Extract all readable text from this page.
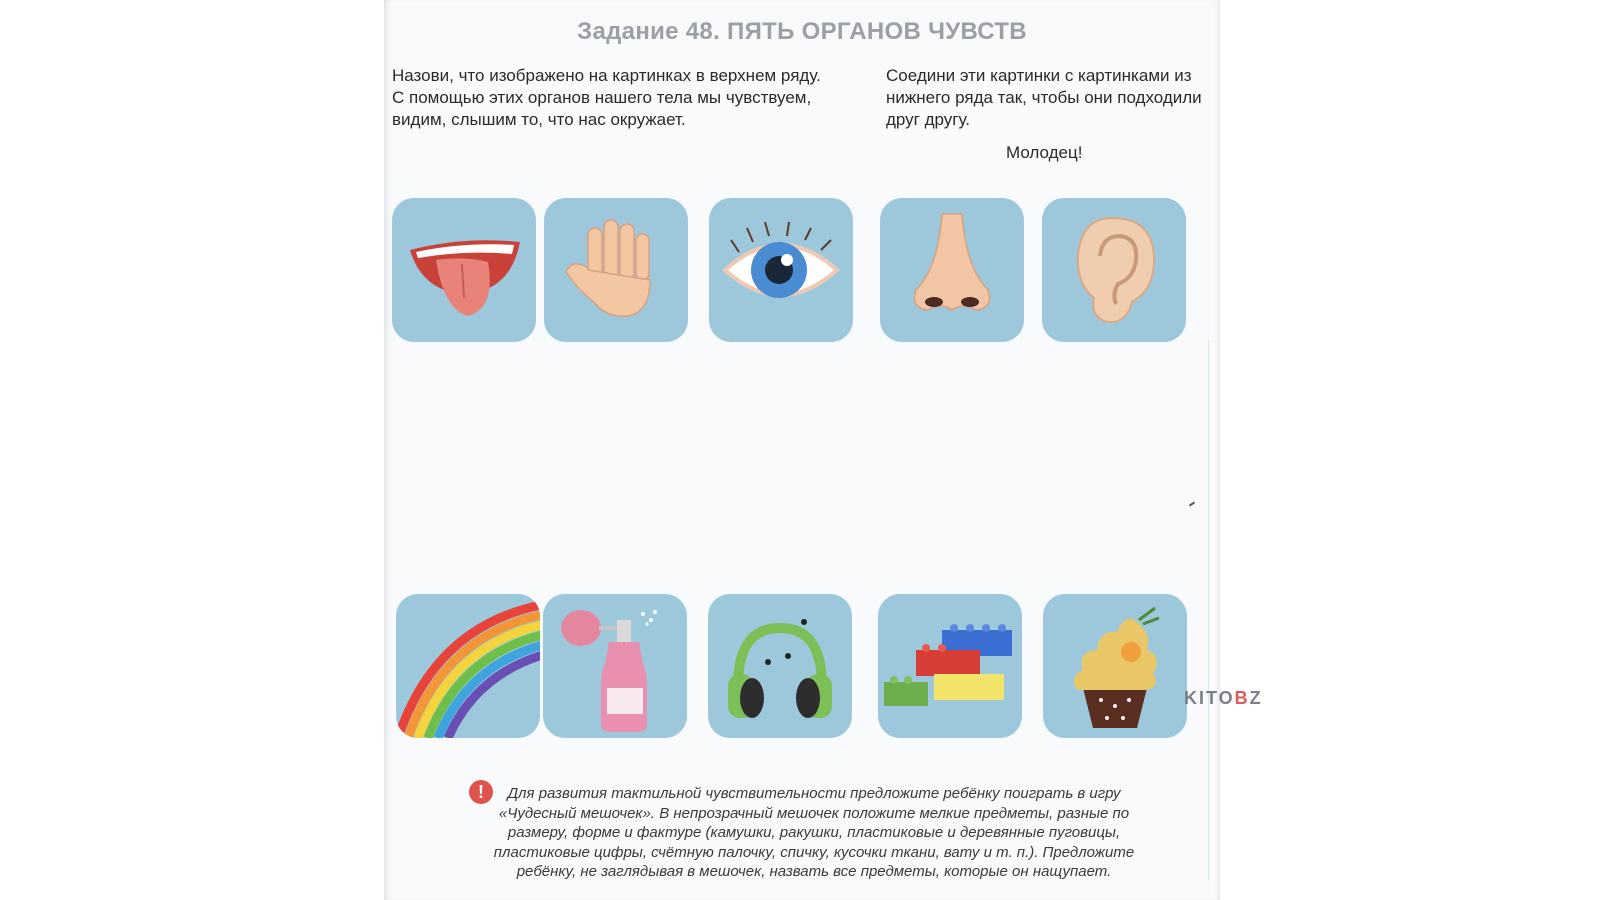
Задание 48. ПЯТЬ ОРГАНОВ ЧУВСТВ
Назови, что изображено на картинках в верхнем ряду. С помощью этих органов нашего тела мы чувствуем, видим, слышим то, что нас окружает.
Соедини эти картинки с картинками из нижнего ряда так, чтобы они подходили друг другу.
Молодец!
!	Для развития тактильной чувствительности предложите ребёнку поиграть в игру «Чудесный мешочек». В непрозрачный мешочек положите мелкие предметы, разные по размеру, форме и фактуре (камушки, ракушки, пластиковые и деревянные пуговицы, пластиковые цифры, счётную палочку, спичку, кусочки ткани, вату и т. п.). Предложите ребёнку, не заглядывая в мешочек, назвать все предметы, которые он нащупает.
KITOBZ
